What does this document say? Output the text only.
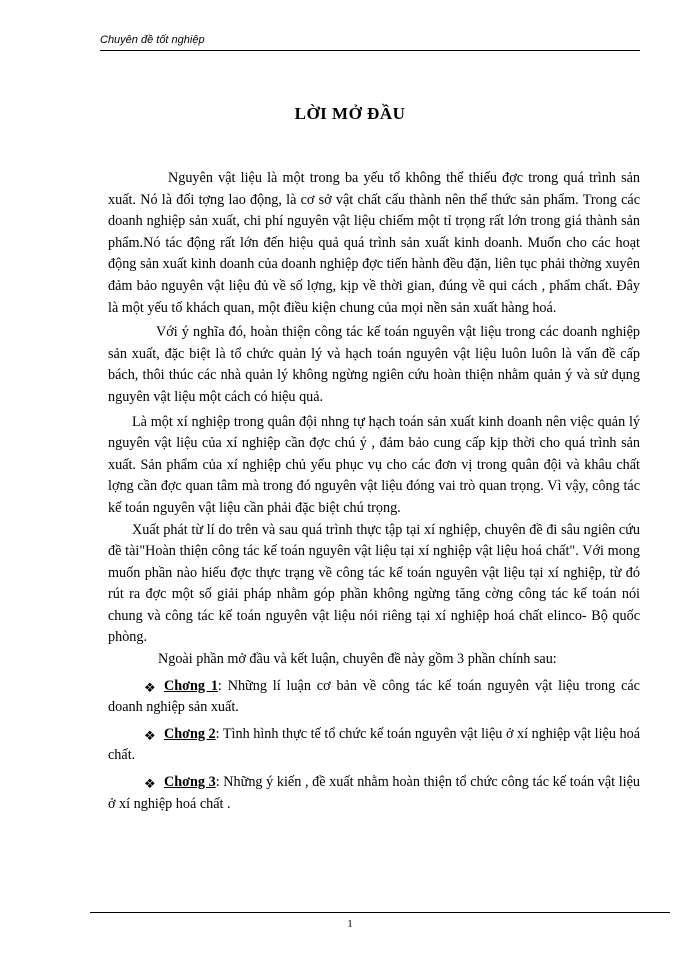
Chuyên đề tốt nghiệp
LỜI MỞ ĐẦU

Nguyên vật liệu là một trong ba yếu tố không thể thiếu đợc trong quá trình sản xuất. Nó là đối tợng lao động, là cơ sở vật chất cấu thành nên thể thức sản phẩm. Trong các doanh nghiệp sản xuất, chi phí nguyên vật liệu chiếm một tỉ trọng rất lớn trong giá thành sản phẩm.Nó tác động rất lớn đến hiệu quả quá trình sản xuất kinh doanh. Muốn cho các hoạt động sản xuất kinh doanh của doanh nghiệp đợc tiến hành đều đặn, liên tục phải thờng xuyên đảm bảo nguyên vật liệu đủ về số lợng, kịp về thời gian, đúng về qui cách , phẩm chất. Đây là một yếu tố khách quan, một điều kiện chung của mọi nền sản xuất hàng hoá.

Với ý nghĩa đó, hoàn thiện công tác kế toán nguyên vật liệu trong các doanh nghiệp sản xuất, đặc biệt là tổ chức quản lý và hạch toán nguyên vật liệu luôn luôn là vấn đề cấp bách, thôi thúc các nhà quản lý không ngừng ngiên cứu hoàn thiện nhằm quản ý và sử dụng nguyên vật liệu một cách có hiệu quả.

Là một xí nghiệp trong quân đội nhng tự hạch toán sản xuất kinh doanh nên việc quản lý nguyên vật liệu của xí nghiệp cần đợc chú ý , đảm bảo cung cấp kịp thời cho quá trình sản xuất. Sản phẩm của xí nghiệp chủ yếu phục vụ cho các đơn vị trong quân đội và khâu chất lợng cần đợc quan tâm mà trong đó nguyên vật liệu đóng vai trò quan trọng. Vì vậy, công tác kế toán nguyên vật liệu cần phải đặc biệt chú trọng.

Xuất phát từ lí do trên và sau quá trình thực tập tại xí nghiệp, chuyên đề đi sâu ngiên cứu đề tài"Hoàn thiện công tác kế toán nguyên vật liệu tại xí nghiệp vật liệu hoá chất". Với mong muốn phần nào hiểu đợc thực trạng về công tác kế toán nguyên vật liệu tại xí nghiệp, từ đó rút ra đợc một số giải pháp nhằm góp phần không ngừng tăng cờng công tác kế toán nói chung và công tác kế toán nguyên vật liệu nói riêng tại xí nghiệp hoá chất elinco- Bộ quốc phòng.

Ngoài phần mở đầu và kết luận, chuyên đề này gồm 3 phần chính sau:

❖ Chơng 1: Những lí luận cơ bản về công tác kế toán nguyên vật liệu trong các doanh nghiệp sản xuất.

❖ Chơng 2: Tình hình thực tế tổ chức kế toán nguyên vật liệu ở xí nghiệp vật liệu hoá chất.

❖ Chơng 3: Những ý kiến , đề xuất nhằm hoàn thiện tổ chức công tác kế toán vật liệu ở xí nghiệp hoá chất .

1
